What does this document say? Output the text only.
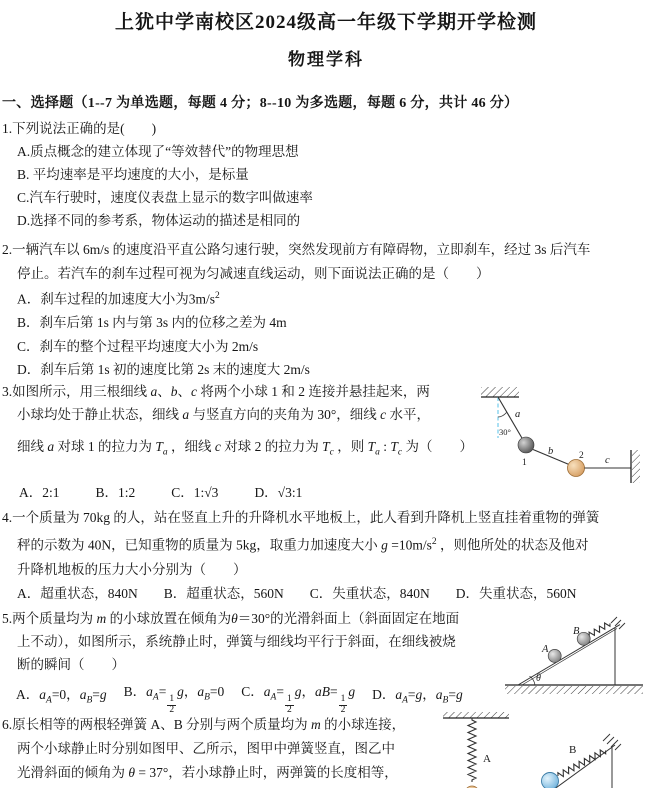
上犹中学南校区2024级高一年级下学期开学检测
物理学科
一、选择题（1--7 为单选题，每题 4 分；8--10 为多选题，每题 6 分，共计 46 分）
1.下列说法正确的是(　　)
A.质点概念的建立体现了“等效替代”的物理思想
B. 平均速率是平均速度的大小，是标量
C.汽车行驶时，速度仪表盘上显示的数字叫做速率
D.选择不同的参考系，物体运动的描述是相同的
2.一辆汽车以 6m/s 的速度沿平直公路匀速行驶，突然发现前方有障碍物，立即刹车，经过 3s 后汽车
停止。若汽车的刹车过程可视为匀减速直线运动，则下面说法正确的是（　　）
A．刹车过程的加速度大小为$3m/s^2$
B．刹车后第 1s 内与第 3s 内的位移之差为 4m
C．刹车的整个过程平均速度大小为 2m/s
D．刹车后第 1s 初的速度比第 2s 末的速度大 2m/s
3.如图所示，用三根细线 a、b、c 将两个小球 1 和 2 连接并悬挂起来，两
小球均处于静止状态，细线 a 与竖直方向的夹角为 30°，细线 c 水平，
细线 a 对球 1 的拉力为 $T_a$ ，细线 c 对球 2 的拉力为 $T_c$ ，则 $T_a$ : $T_c$ 为（　　）
A．2:1	B．1:2	C．1:√3	D．√3:1
30°
a
1
b	2 c
4.一个质量为 70kg 的人，站在竖直上升的升降机水平地板上，此人看到升降机上竖直挂着重物的弹簧
秤的示数为 40N，已知重物的质量为 5kg，取重力加速度大小 $g =10m/s^2$ ，则他所处的状态及他对
升降机地板的压力大小分别为（　　）
A．超重状态，840N B．超重状态，560N C．失重状态，840N D．失重状态，560N
5.两个质量均为 m 的小球放置在倾角为θ＝30°的光滑斜面上（斜面固定在地面
上不动），如图所示，系统静止时，弹簧与细线均平行于斜面，在细线被烧
断的瞬间（　　）
A．$a_A=0$，$a_B=g$ B．$a_A=$
$\frac{1}{2}$
g，$a_B=0$ C．$a_A=$
$\frac{1}{2}$
g，aB=
$\frac{1}{2}$
g D．$a_A=g$，$a_B=g$
θ
A
B
6.原长相等的两根轻弹簧 A、B 分别与两个质量均为 m 的小球连接，
两个小球静止时分别如图甲、乙所示，图甲中弹簧竖直，图乙中
光滑斜面的倾角为 θ = 37°，若小球静止时，两弹簧的长度相等，
A
B
